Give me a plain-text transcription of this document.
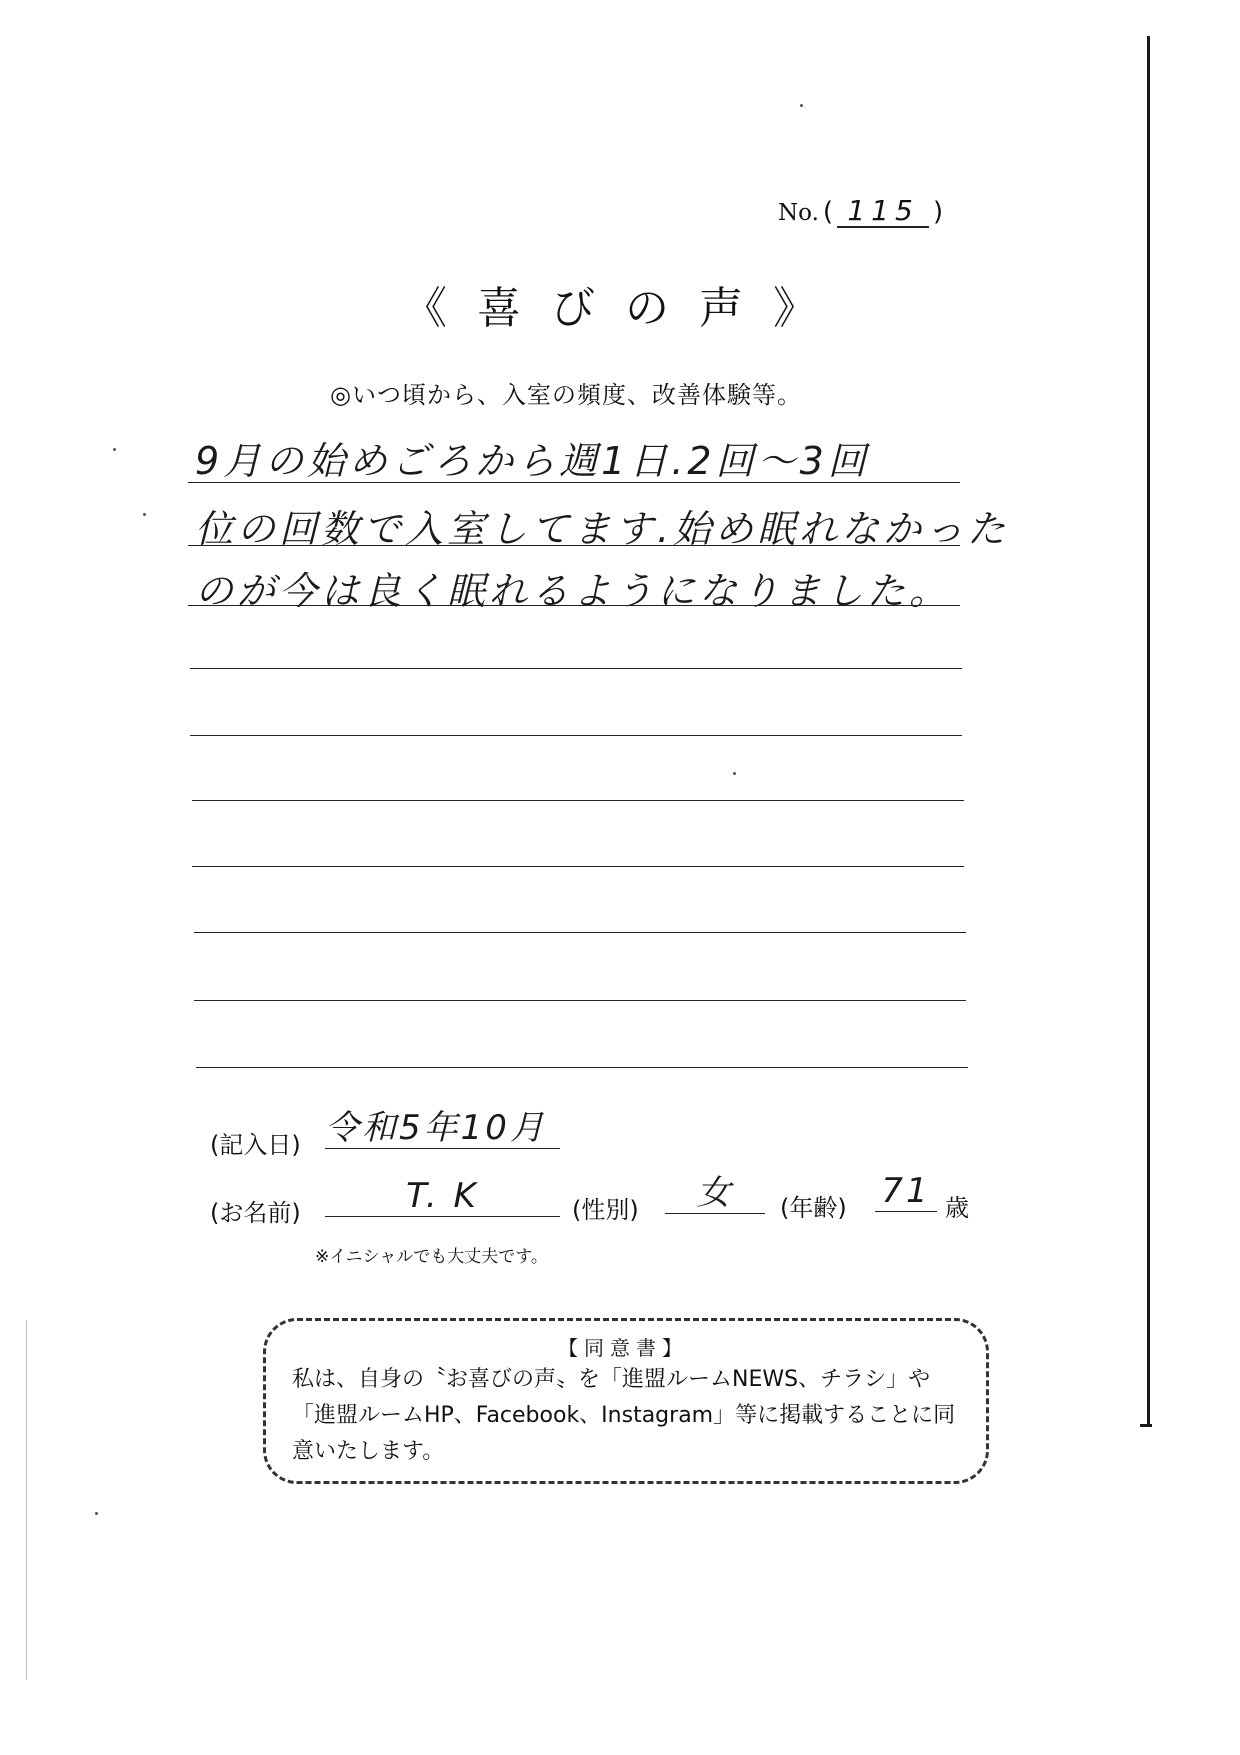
No. ( 115 )
《喜びの声》
◎いつ頃から、入室の頻度、改善体験等。
9月の始めごろから週1日.2回～3回
位の回数で入室してます.始め眠れなかった
のが今は良く眠れるようになりました。
(記入日) 令和5年10月
(お名前)	T. K	(性別)	女	(年齢) 71 歳
※イニシャルでも大丈夫です。
【同意書】
私は、自身の〝お喜びの声〟を「進盟ルームNEWS、チラシ」や「進盟ルームHP、Facebook、Instagram」等に掲載することに同意いたします。
